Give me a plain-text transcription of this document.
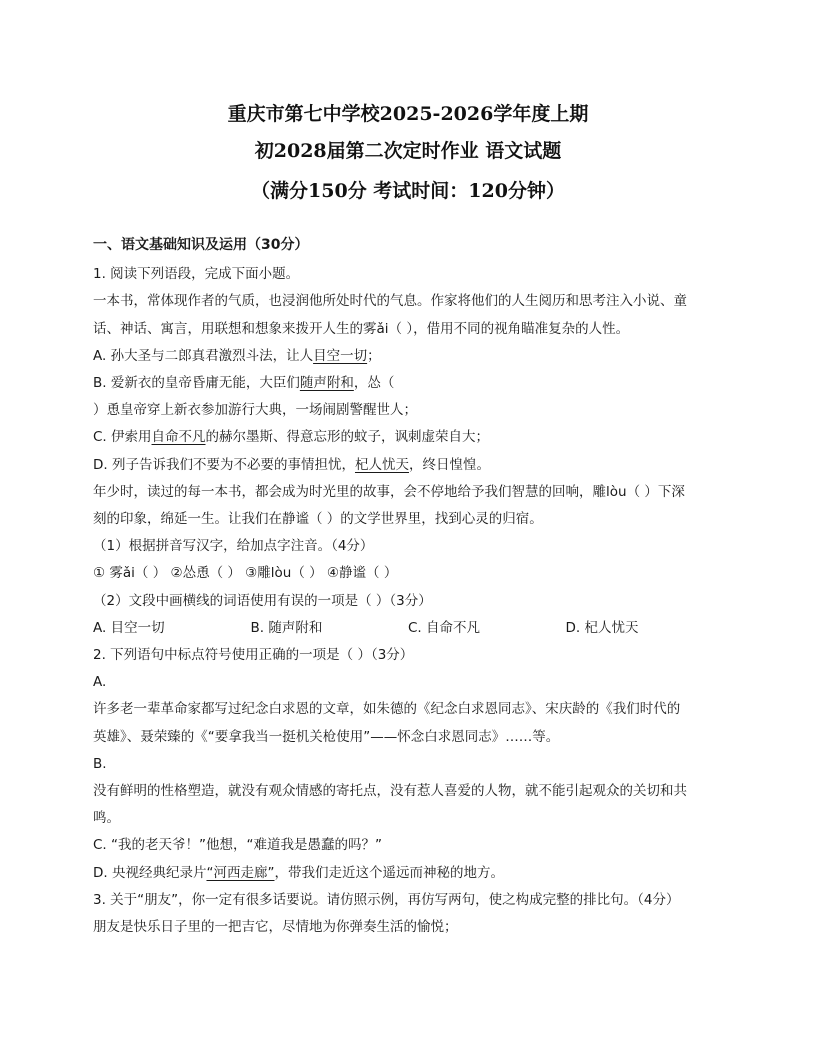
重庆市第七中学校2025-2026学年度上期
初2028届第二次定时作业 语文试题
（满分150分 考试时间：120分钟）
一、语文基础知识及运用（30分）
1. 阅读下列语段，完成下面小题。
一本书，常体现作者的气质，也浸润他所处时代的气息。作家将他们的人生阅历和思考注入小说、童
话、神话、寓言，用联想和想象来拨开人生的雾ǎi（ ），借用不同的视角瞄准复杂的人性。
A. 孙大圣与二郎真君激烈斗法，让人目空一切；
B. 爱新衣的皇帝昏庸无能，大臣们随声附和，怂（
）恿皇帝穿上新衣参加游行大典，一场闹剧警醒世人；
C. 伊索用自命不凡的赫尔墨斯、得意忘形的蚊子，讽刺虚荣自大；
D. 列子告诉我们不要为不必要的事情担忧，杞人忧天，终日惶惶。
年少时，读过的每一本书，都会成为时光里的故事，会不停地给予我们智慧的回响，雕lòu（ ）下深
刻的印象，绵延一生。让我们在静谧（ ）的文学世界里，找到心灵的归宿。
（1）根据拼音写汉字，给加点字注音。（4分）
① 雾ǎi（ ） ②怂恿（ ） ③雕lòu（ ） ④静谧（ ）
（2）文段中画横线的词语使用有误的一项是（ ）（3分）
A. 目空一切	B. 随声附和	C. 自命不凡	D. 杞人忧天
2. 下列语句中标点符号使用正确的一项是（ ）（3分）
A.
许多老一辈革命家都写过纪念白求恩的文章，如朱德的《纪念白求恩同志》、宋庆龄的《我们时代的
英雄》、聂荣臻的《“要拿我当一挺机关枪使用”——怀念白求恩同志》……等。
B.
没有鲜明的性格塑造，就没有观众情感的寄托点，没有惹人喜爱的人物，就不能引起观众的关切和共
鸣。
C. “我的老天爷！”他想，“难道我是愚蠢的吗？”
D. 央视经典纪录片“河西走廊”，带我们走近这个遥远而神秘的地方。
3. 关于“朋友”，你一定有很多话要说。请仿照示例，再仿写两句，使之构成完整的排比句。（4分）
朋友是快乐日子里的一把吉它，尽情地为你弹奏生活的愉悦；
